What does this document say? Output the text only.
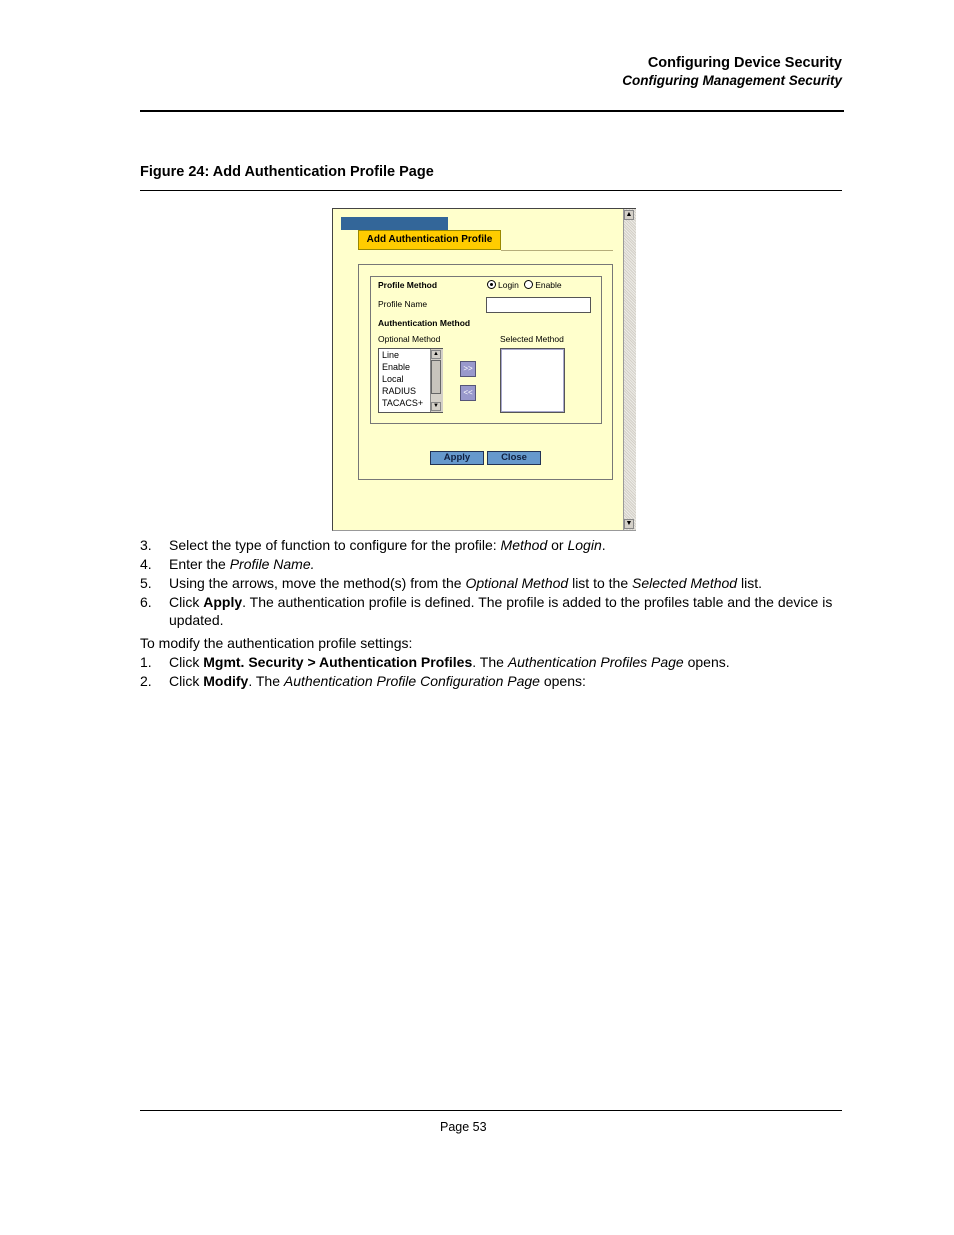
Configuring Device Security
Configuring Management Security
Figure 24: Add Authentication Profile Page
▲
▼
Add Authentication Profile
Profile Method	Login Enable
Profile Name
Authentication Method
Optional Method	Selected Method
Line
Enable
Local
RADIUS
TACACS+
▲
▼
>>
<<
Apply	Close
3. Select the type of function to configure for the profile: Method or Login.
4. Enter the Profile Name.
5. Using the arrows, move the method(s) from the Optional Method list to the Selected Method list.
6. Click Apply. The authentication profile is defined. The profile is added to the profiles table and the device is
updated.
To modify the authentication profile settings:
1. Click Mgmt. Security > Authentication Profiles. The Authentication Profiles Page opens.
2. Click Modify. The Authentication Profile Configuration Page opens:
Page 53
